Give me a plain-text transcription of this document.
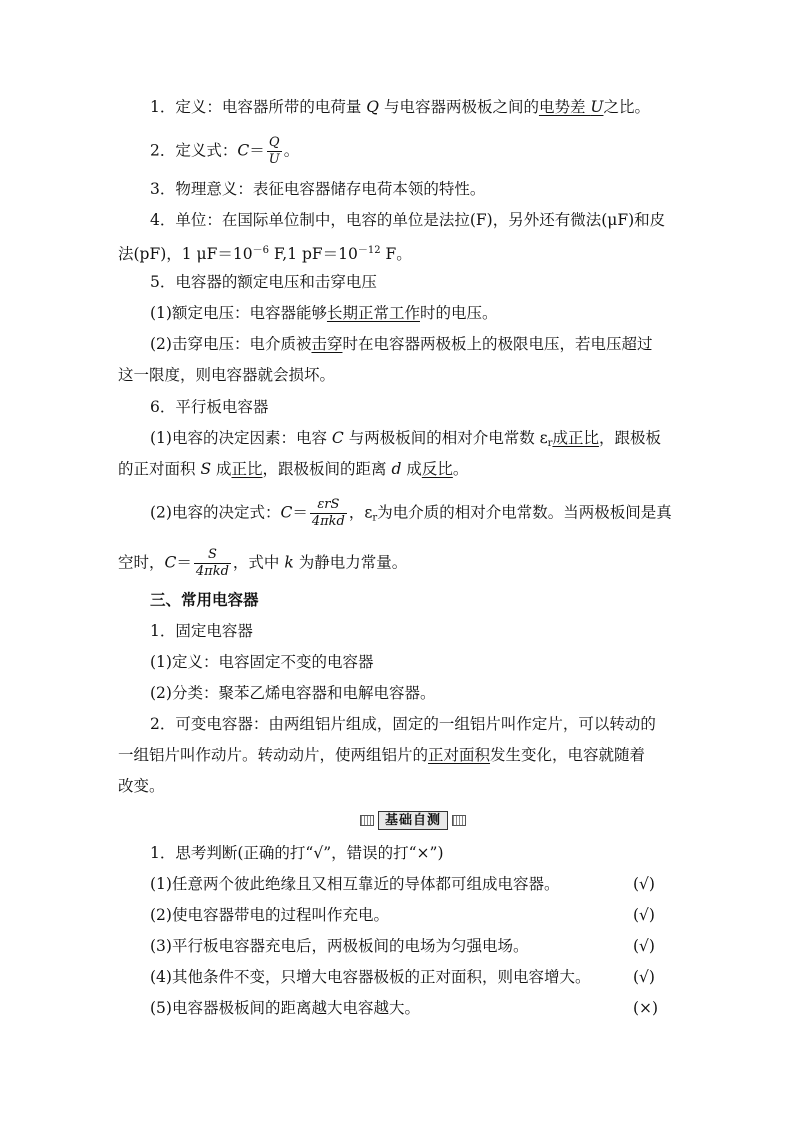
1．定义：电容器所带的电荷量 Q 与电容器两极板之间的电势差 U之比。
2．定义式：$C= \frac{Q}{U}$ 。
3．物理意义：表征电容器储存电荷本领的特性。
4．单位：在国际单位制中，电容的单位是法拉(F)，另外还有微法(μF)和皮
法(pF)，1 $\mu F=10^{-6}$ F,1 $pF=10^{-12}$ F。
5．电容器的额定电压和击穿电压
(1)额定电压：电容器能够长期正常工作时的电压。
(2)击穿电压：电介质被击穿时在电容器两极板上的极限电压，若电压超过
这一限度，则电容器就会损坏。
6．平行板电容器
(1)电容的决定因素：电容 C 与两极板间的相对介电常数 $\varepsilon_r$成正比，跟极板
的正对面积 S 成正比，跟极板间的距离 d 成反比。
(2)电容的决定式：$C= \frac{\text{εrS}}{\text{4πkd}}$ ，$\varepsilon_r$为电介质的相对介电常数。当两极板间是真
空时，$C= \frac{S}{\text{4πkd}}$ ，式中 k 为静电力常量。
三、常用电容器
1．固定电容器
(1)定义：电容固定不变的电容器
(2)分类：聚苯乙烯电容器和电解电容器。
2．可变电容器：由两组铝片组成，固定的一组铝片叫作定片，可以转动的
一组铝片叫作动片。转动动片，使两组铝片的正对面积发生变化，电容就随着
改变。
基础自测
1．思考判断(正确的打“√”，错误的打“×”)
(1)任意两个彼此绝缘且又相互靠近的导体都可组成电容器。	(√)
(2)使电容器带电的过程叫作充电。	(√)
(3)平行板电容器充电后，两极板间的电场为匀强电场。	(√)
(4)其他条件不变，只增大电容器极板的正对面积，则电容增大。	(√)
(5)电容器极板间的距离越大电容越大。	(×)
